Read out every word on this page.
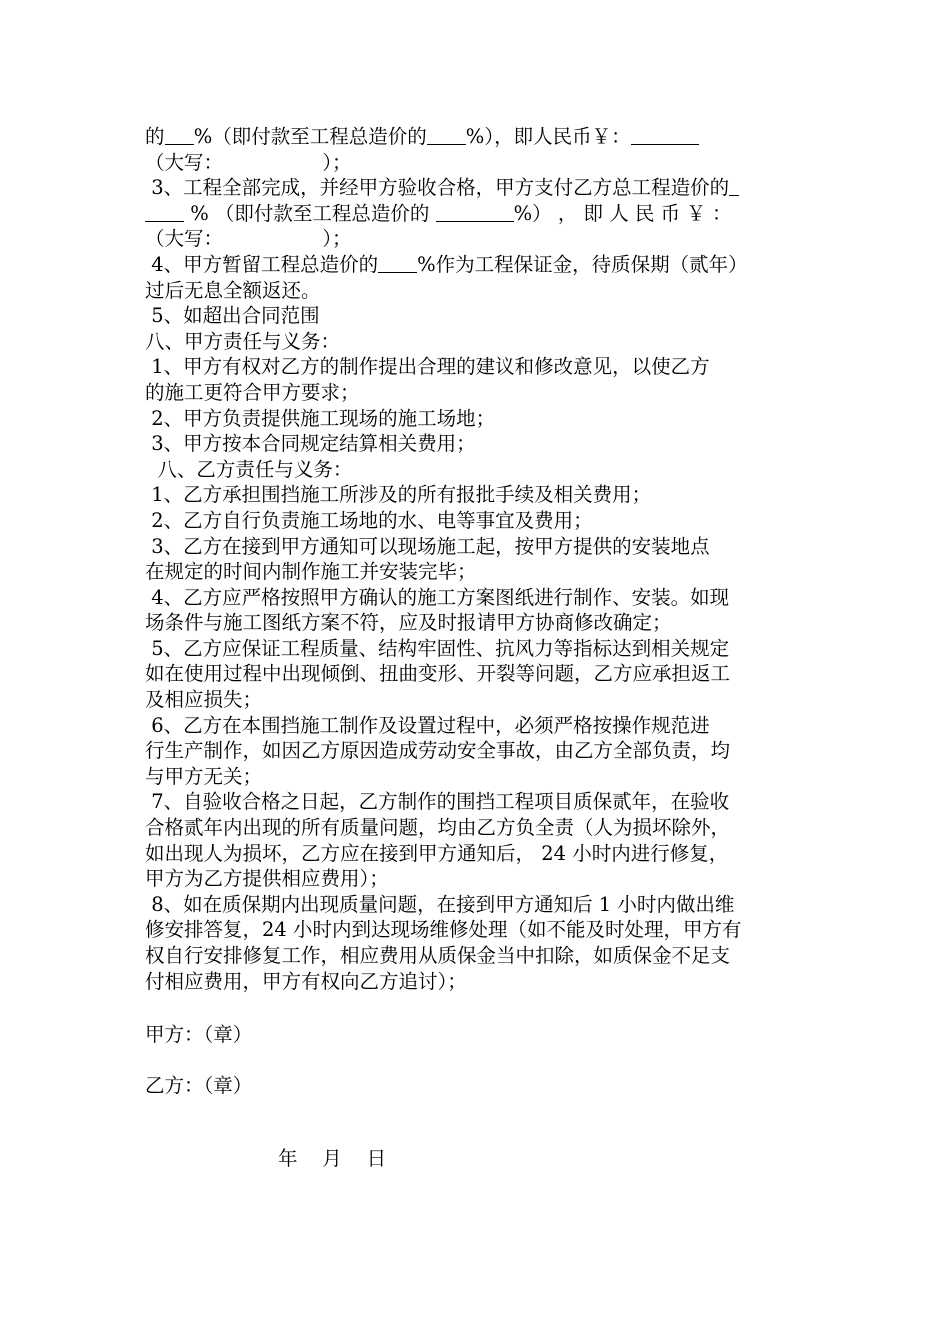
的 %（即付款至工程总造价的 %），即人民币￥：
（大写：	）；
3、工程全部完成，并经甲方验收合格，甲方支付乙方总工程造价的
% （即付款至工程总造价的	%） ， 即 人 民 币 ￥ ：
（大写：	）；
4、甲方暂留工程总造价的 %作为工程保证金，待质保期（贰年）
过后无息全额返还。
5、如超出合同范围
八、甲方责任与义务：
1、甲方有权对乙方的制作提出合理的建议和修改意见，以使乙方
的施工更符合甲方要求；
2、甲方负责提供施工现场的施工场地；
3、甲方按本合同规定结算相关费用；
八、乙方责任与义务：
1、乙方承担围挡施工所涉及的所有报批手续及相关费用；
2、乙方自行负责施工场地的水、电等事宜及费用；
3、乙方在接到甲方通知可以现场施工起，按甲方提供的安装地点
在规定的时间内制作施工并安装完毕；
4、乙方应严格按照甲方确认的施工方案图纸进行制作、安装。如现
场条件与施工图纸方案不符，应及时报请甲方协商修改确定；
5、乙方应保证工程质量、结构牢固性、抗风力等指标达到相关规定
如在使用过程中出现倾倒、扭曲变形、开裂等问题，乙方应承担返工
及相应损失；
6、乙方在本围挡施工制作及设置过程中，必须严格按操作规范进
行生产制作，如因乙方原因造成劳动安全事故，由乙方全部负责，均
与甲方无关；
7、自验收合格之日起，乙方制作的围挡工程项目质保贰年，在验收
合格贰年内出现的所有质量问题，均由乙方负全责（人为损坏除外，
如出现人为损坏，乙方应在接到甲方通知后， 24 小时内进行修复，
甲方为乙方提供相应费用）；
8、如在质保期内出现质量问题，在接到甲方通知后 1 小时内做出维
修安排答复，24 小时内到达现场维修处理（如不能及时处理，甲方有
权自行安排修复工作，相应费用从质保金当中扣除，如质保金不足支
付相应费用，甲方有权向乙方追讨）；
甲方：（章）
乙方：（章）
年    月    日
